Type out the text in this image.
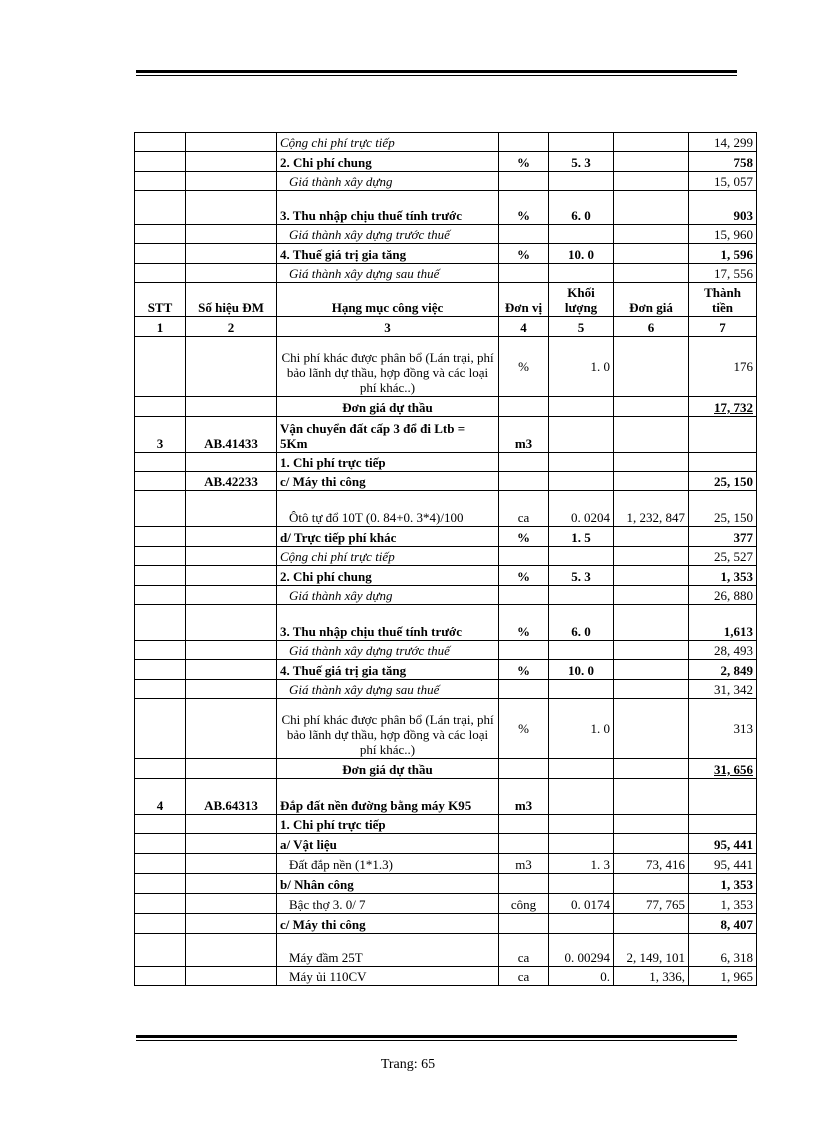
		Cộng chi phí trực tiếp				14, 299
		2. Chi phí chung	%	5. 3		758
		Giá thành xây dựng				15, 057
		3. Thu nhập chịu thuế tính trước	%	6. 0		903
		Giá thành xây dựng trước thuế				15, 960
		4. Thuế giá trị gia tăng	%	10. 0		1, 596
		Giá thành xây dựng sau thuế				17, 556
STT	Số hiệu ĐM	Hạng mục công việc	Đơn vị	Khối lượng	Đơn giá	Thành tiền
1	2	3	4	5	6	7
		Chi phí khác được phân bổ (Lán trại, phí bảo lãnh dự thầu, hợp đồng và các loại phí khác..)	%	1. 0		176
		Đơn giá dự thầu				17, 732
3	AB.41433	Vận chuyển đất cấp 3 đổ đi Ltb = 5Km	m3			
		1. Chi phí trực tiếp				
	AB.42233	c/ Máy thi công				25, 150
		Ôtô tự đổ 10T (0. 84+0. 3*4)/100	ca	0. 0204	1, 232, 847	25, 150
		d/ Trực tiếp phí khác	%	1. 5		377
		Cộng chi phí trực tiếp				25, 527
		2. Chi phí chung	%	5. 3		1, 353
		Giá thành xây dựng				26, 880
		3. Thu nhập chịu thuế tính trước	%	6. 0		1,613
		Giá thành xây dựng trước thuế				28, 493
		4. Thuế giá trị gia tăng	%	10. 0		2, 849
		Giá thành xây dựng sau thuế				31, 342
		Chi phí khác được phân bổ (Lán trại, phí bảo lãnh dự thầu, hợp đồng và các loại phí khác..)	%	1. 0		313
		Đơn giá dự thầu				31, 656
4	AB.64313	Đắp đất nền đường bằng máy K95	m3			
		1. Chi phí trực tiếp				
		a/ Vật liệu				95, 441
		Đất đắp nền (1*1.3)	m3	1. 3	73, 416	95, 441
		b/ Nhân công				1, 353
		Bậc thợ 3. 0/ 7	công	0. 0174	77, 765	1, 353
		c/ Máy thi công				8, 407
		Máy đầm 25T	ca	0. 00294	2, 149, 101	6, 318
		Máy ủi 110CV	ca	0.	1, 336,	1, 965
Trang: 65
